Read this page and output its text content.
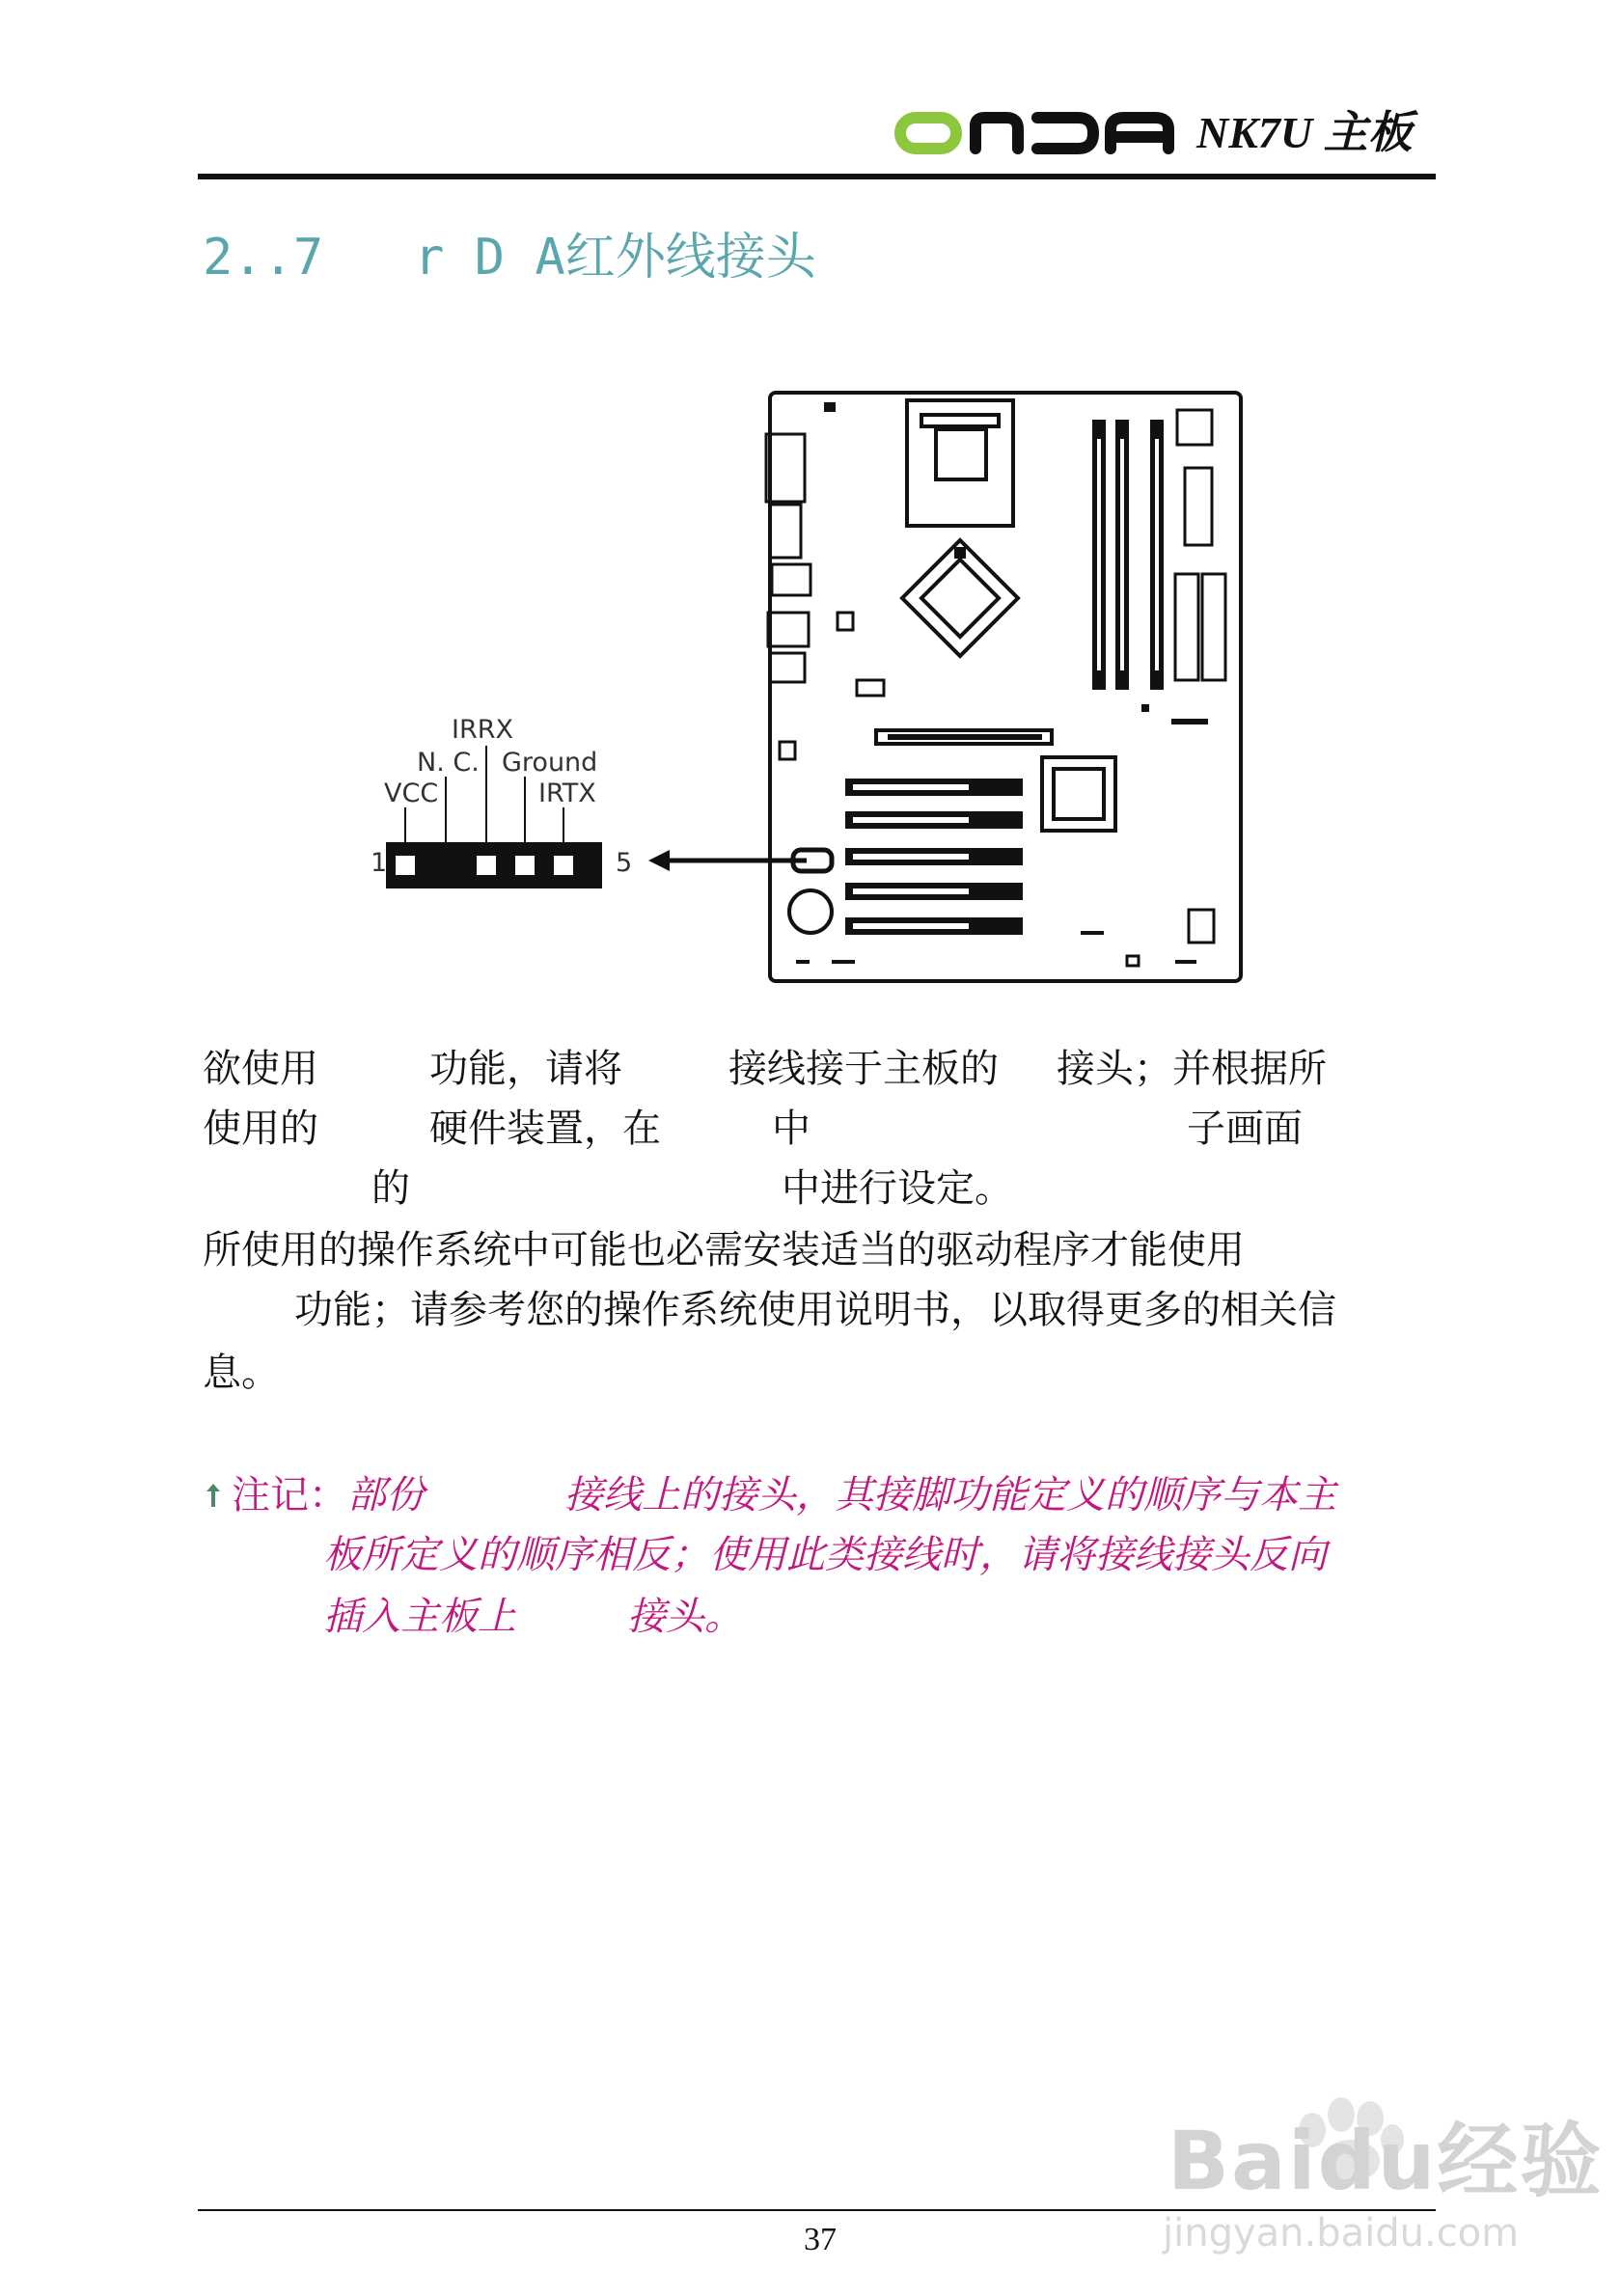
NK7U 主板
2..7 r D A红外线接头
IRRX
N. C. Ground
VCC	IRTX
1	5
欲使用	功能，请将	接线接于主板的 接头；并根据所
使用的	硬件装置，在	中	子画面
的	中进行设定。
所使用的操作系统中可能也必需安装适当的驱动程序才能使用
功能；请参考您的操作系统使用说明书，以取得更多的相关信
息。
注记：部份	接线上的接头，其接脚功能定义的顺序与本主
板所定义的顺序相反；使用此类接线时，请将接线接头反向
插入主板上	接头。
37
Baidu经验
jingyan.baidu.com
